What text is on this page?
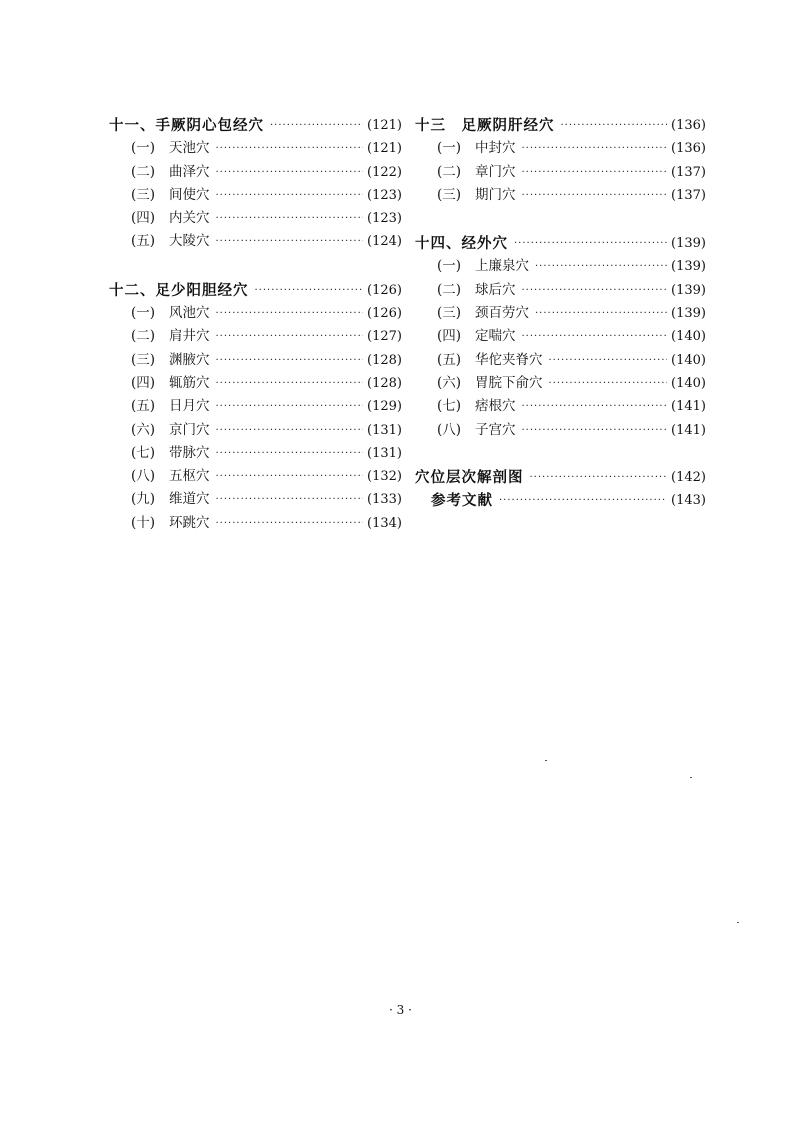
十一、手厥阴心包经穴 ·····	(121)
(一)	天池穴 ·····	(121)
(二)	曲泽穴 ·····	(122)
(三)	间使穴 ·····	(123)
(四)	内关穴 ·····	(123)
(五)	大陵穴 ·····	(124)
十二、足少阳胆经穴 ·····	(126)
(一)	风池穴 ·····	(126)
(二)	肩井穴 ·····	(127)
(三)	渊腋穴 ·····	(128)
(四)	辄筋穴 ·····	(128)
(五)	日月穴 ·····	(129)
(六)	京门穴 ·····	(131)
(七)	带脉穴 ·····	(131)
(八)	五枢穴 ·····	(132)
(九)	维道穴 ·····	(133)
(十)	环跳穴 ·····	(134)
十三　足厥阴肝经穴 ·····	(136)
(一)	中封穴 ·····	(136)
(二)	章门穴 ·····	(137)
(三)	期门穴 ·····	(137)
十四、经外穴 ·····	(139)
(一)	上廉泉穴 ·····	(139)
(二)	球后穴 ·····	(139)
(三)	颈百劳穴 ·····	(139)
(四)	定喘穴 ·····	(140)
(五)	华佗夹脊穴 ·····	(140)
(六)	胃脘下俞穴 ·····	(140)
(七)	痞根穴 ·····	(141)
(八)	子宫穴 ·····	(141)
穴位层次解剖图 ·····	(142)
参考文献 ·····	(143)
· 3 ·
